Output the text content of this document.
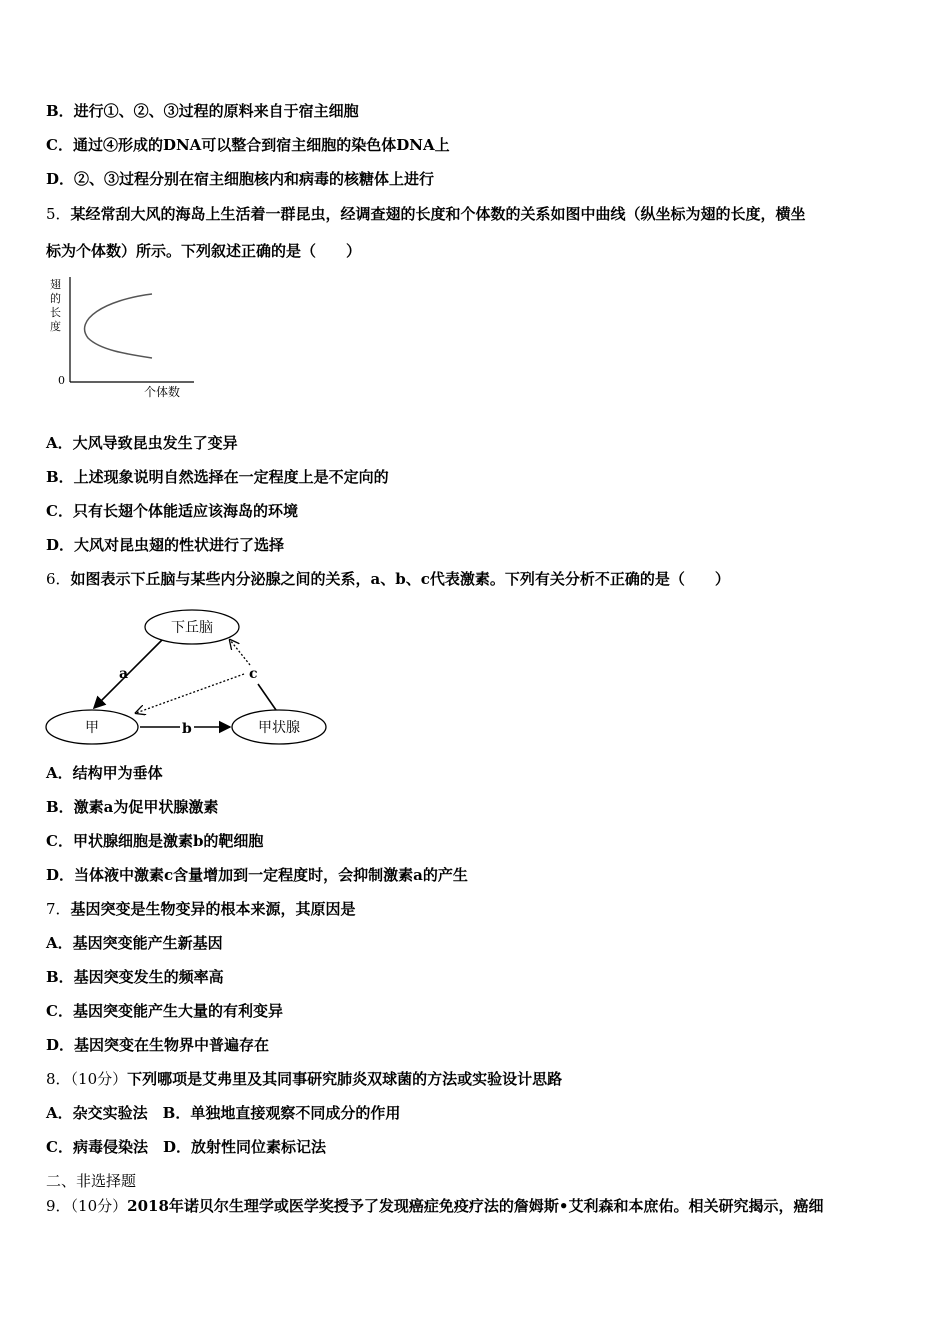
B．进行①、②、③过程的原料来自于宿主细胞
C．通过④形成的DNA可以整合到宿主细胞的染色体DNA上
D．②、③过程分别在宿主细胞核内和病毒的核糖体上进行
5．某经常刮大风的海岛上生活着一群昆虫，经调查翅的长度和个体数的关系如图中曲线（纵坐标为翅的长度，横坐
标为个体数）所示。下列叙述正确的是（　　）
翅
的
长
度
0
个体数
A．大风导致昆虫发生了变异
B．上述现象说明自然选择在一定程度上是不定向的
C．只有长翅个体能适应该海岛的环境
D．大风对昆虫翅的性状进行了选择
6．如图表示下丘脑与某些内分泌腺之间的关系，a、b、c代表激素。下列有关分析不正确的是（　　）
下丘脑
甲	甲状腺
a
b
c
A．结构甲为垂体
B．激素a为促甲状腺激素
C．甲状腺细胞是激素b的靶细胞
D．当体液中激素c含量增加到一定程度时，会抑制激素a的产生
7．基因突变是生物变异的根本来源，其原因是
A．基因突变能产生新基因
B．基因突变发生的频率高
C．基因突变能产生大量的有利变异
D．基因突变在生物界中普遍存在
8．（10分）下列哪项是艾弗里及其同事研究肺炎双球菌的方法或实验设计思路
A．杂交实验法　B．单独地直接观察不同成分的作用
C．病毒侵染法　D．放射性同位素标记法
二、非选择题
9．（10分）2018年诺贝尔生理学或医学奖授予了发现癌症免疫疗法的詹姆斯•艾利森和本庶佑。相关研究揭示，癌细
